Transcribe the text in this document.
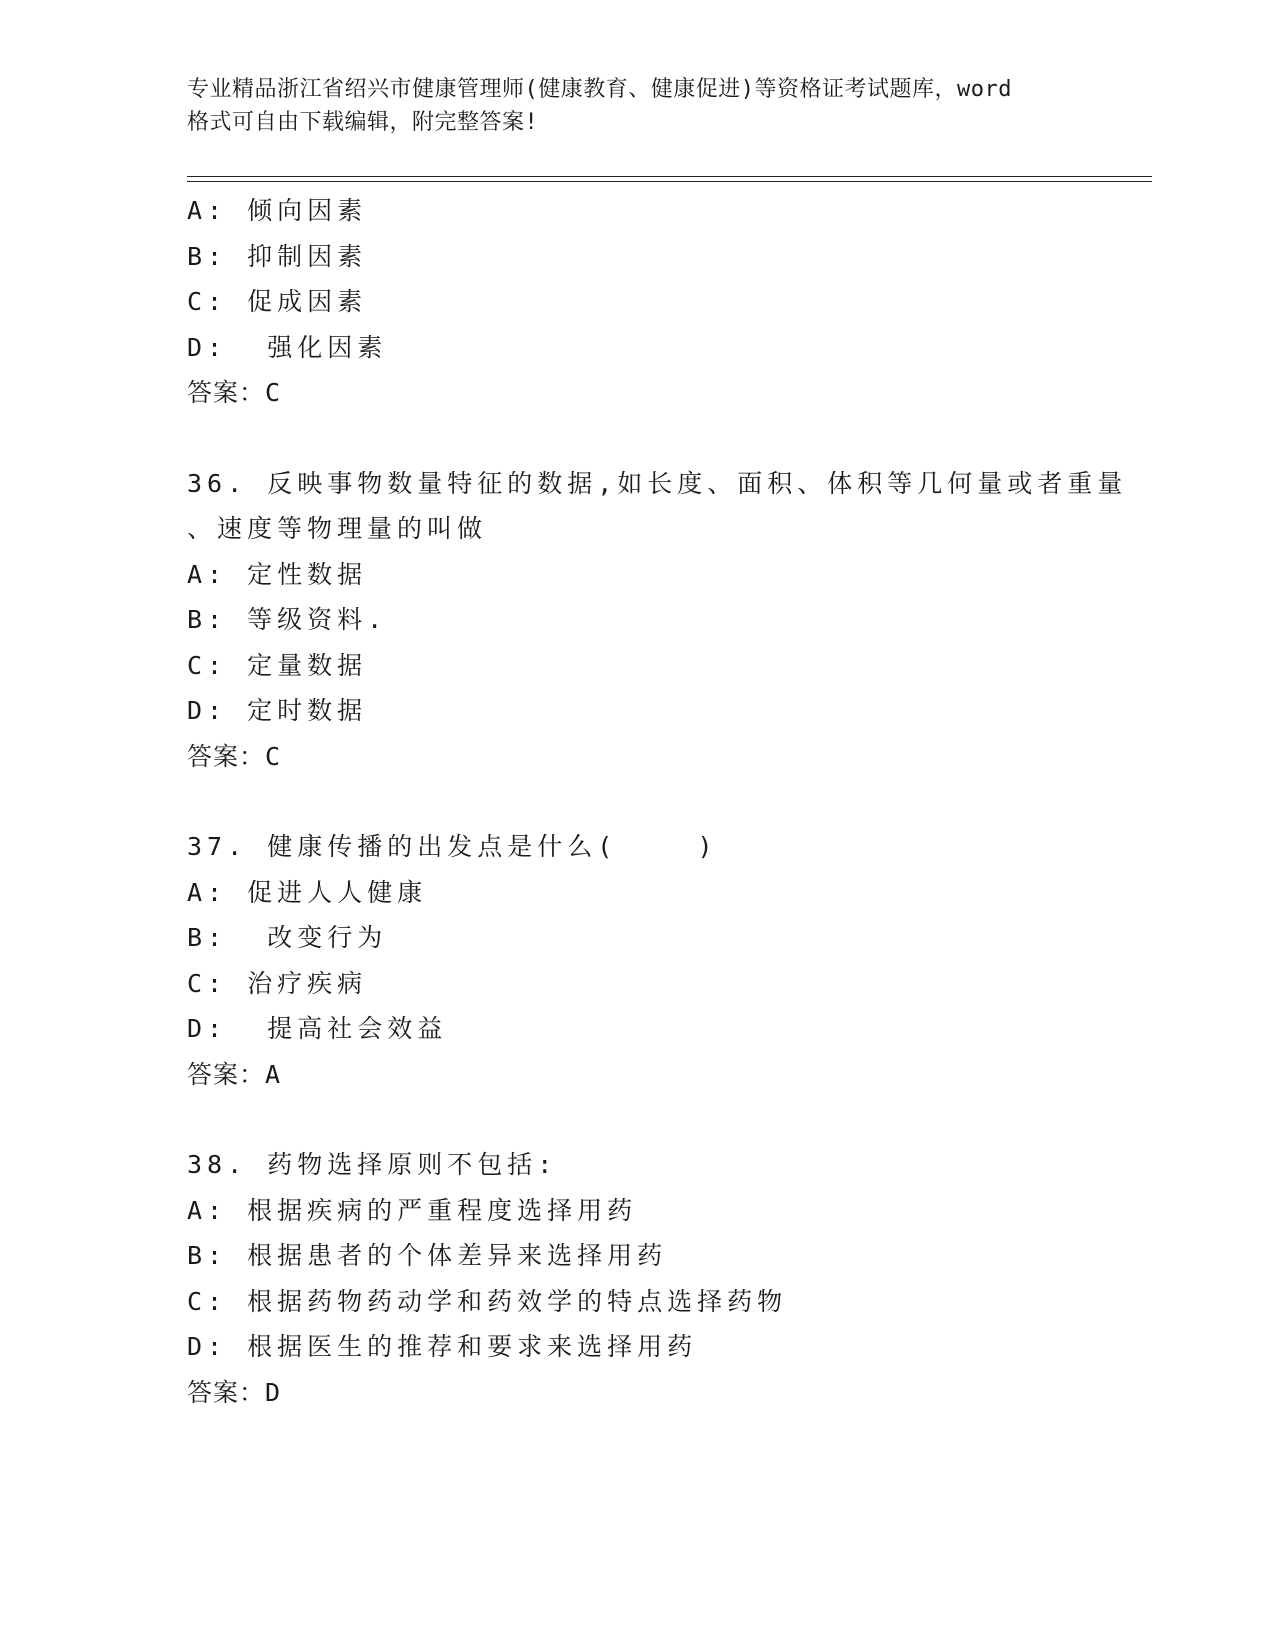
专业精品浙江省绍兴市健康管理师(健康教育、健康促进)等资格证考试题库，word
格式可自由下载编辑，附完整答案!
A: 倾向因素
B: 抑制因素
C: 促成因素
D:  强化因素
答案：C
36. 反映事物数量特征的数据,如长度、面积、体积等几何量或者重量
、速度等物理量的叫做
A: 定性数据
B: 等级资料.
C: 定量数据
D: 定时数据
答案：C
37. 健康传播的出发点是什么(    )
A: 促进人人健康
B:  改变行为
C: 治疗疾病
D:  提高社会效益
答案：A
38. 药物选择原则不包括:
A: 根据疾病的严重程度选择用药
B: 根据患者的个体差异来选择用药
C: 根据药物药动学和药效学的特点选择药物
D: 根据医生的推荐和要求来选择用药
答案：D
